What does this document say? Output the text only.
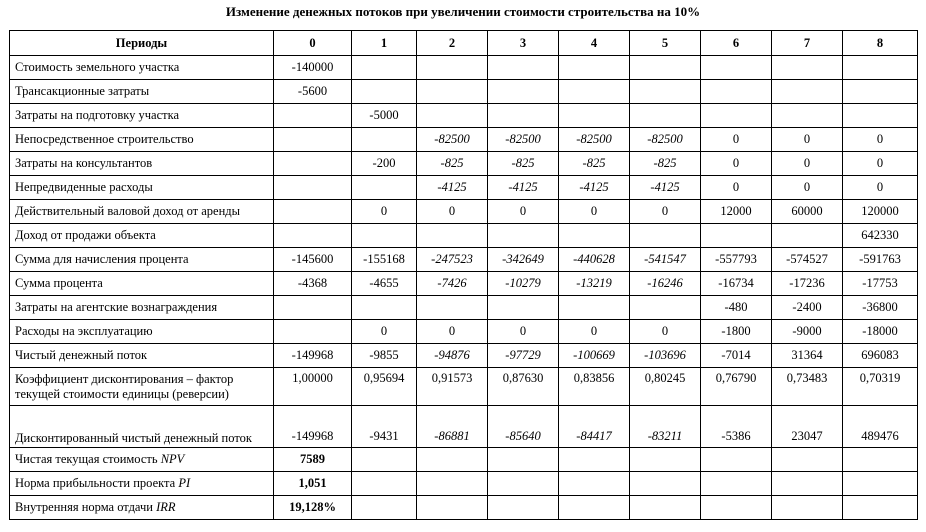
Изменение денежных потоков при увеличении стоимости строительства на 10%
Периоды	0	1	2	3	4	5	6	7	8
Стоимость земельного участка	-140000								
Трансакционные затраты	-5600								
Затраты на подготовку участка		-5000							
Непосредственное строительство			-82500	-82500	-82500	-82500	0	0	0
Затраты на консультантов		-200	-825	-825	-825	-825	0	0	0
Непредвиденные расходы			-4125	-4125	-4125	-4125	0	0	0
Действительный валовой доход от аренды		0	0	0	0	0	12000	60000	120000
Доход от продажи объекта									642330
Сумма для начисления процента	-145600	-155168	-247523	-342649	-440628	-541547	-557793	-574527	-591763
Сумма процента	-4368	-4655	-7426	-10279	-13219	-16246	-16734	-17236	-17753
Затраты на агентские вознаграждения							-480	-2400	-36800
Расходы на эксплуатацию		0	0	0	0	0	-1800	-9000	-18000
Чистый денежный поток	-149968	-9855	-94876	-97729	-100669	-103696	-7014	31364	696083
Коэффициент дисконтирования – фактор текущей стоимости единицы (реверсии)	1,00000	0,95694	0,91573	0,87630	0,83856	0,80245	0,76790	0,73483	0,70319
Дисконтированный чистый денежный поток	-149968	-9431	-86881	-85640	-84417	-83211	-5386	23047	489476
Чистая текущая стоимость NPV	7589								
Норма прибыльности проекта PI	1,051								
Внутренняя норма отдачи IRR	19,128%								
